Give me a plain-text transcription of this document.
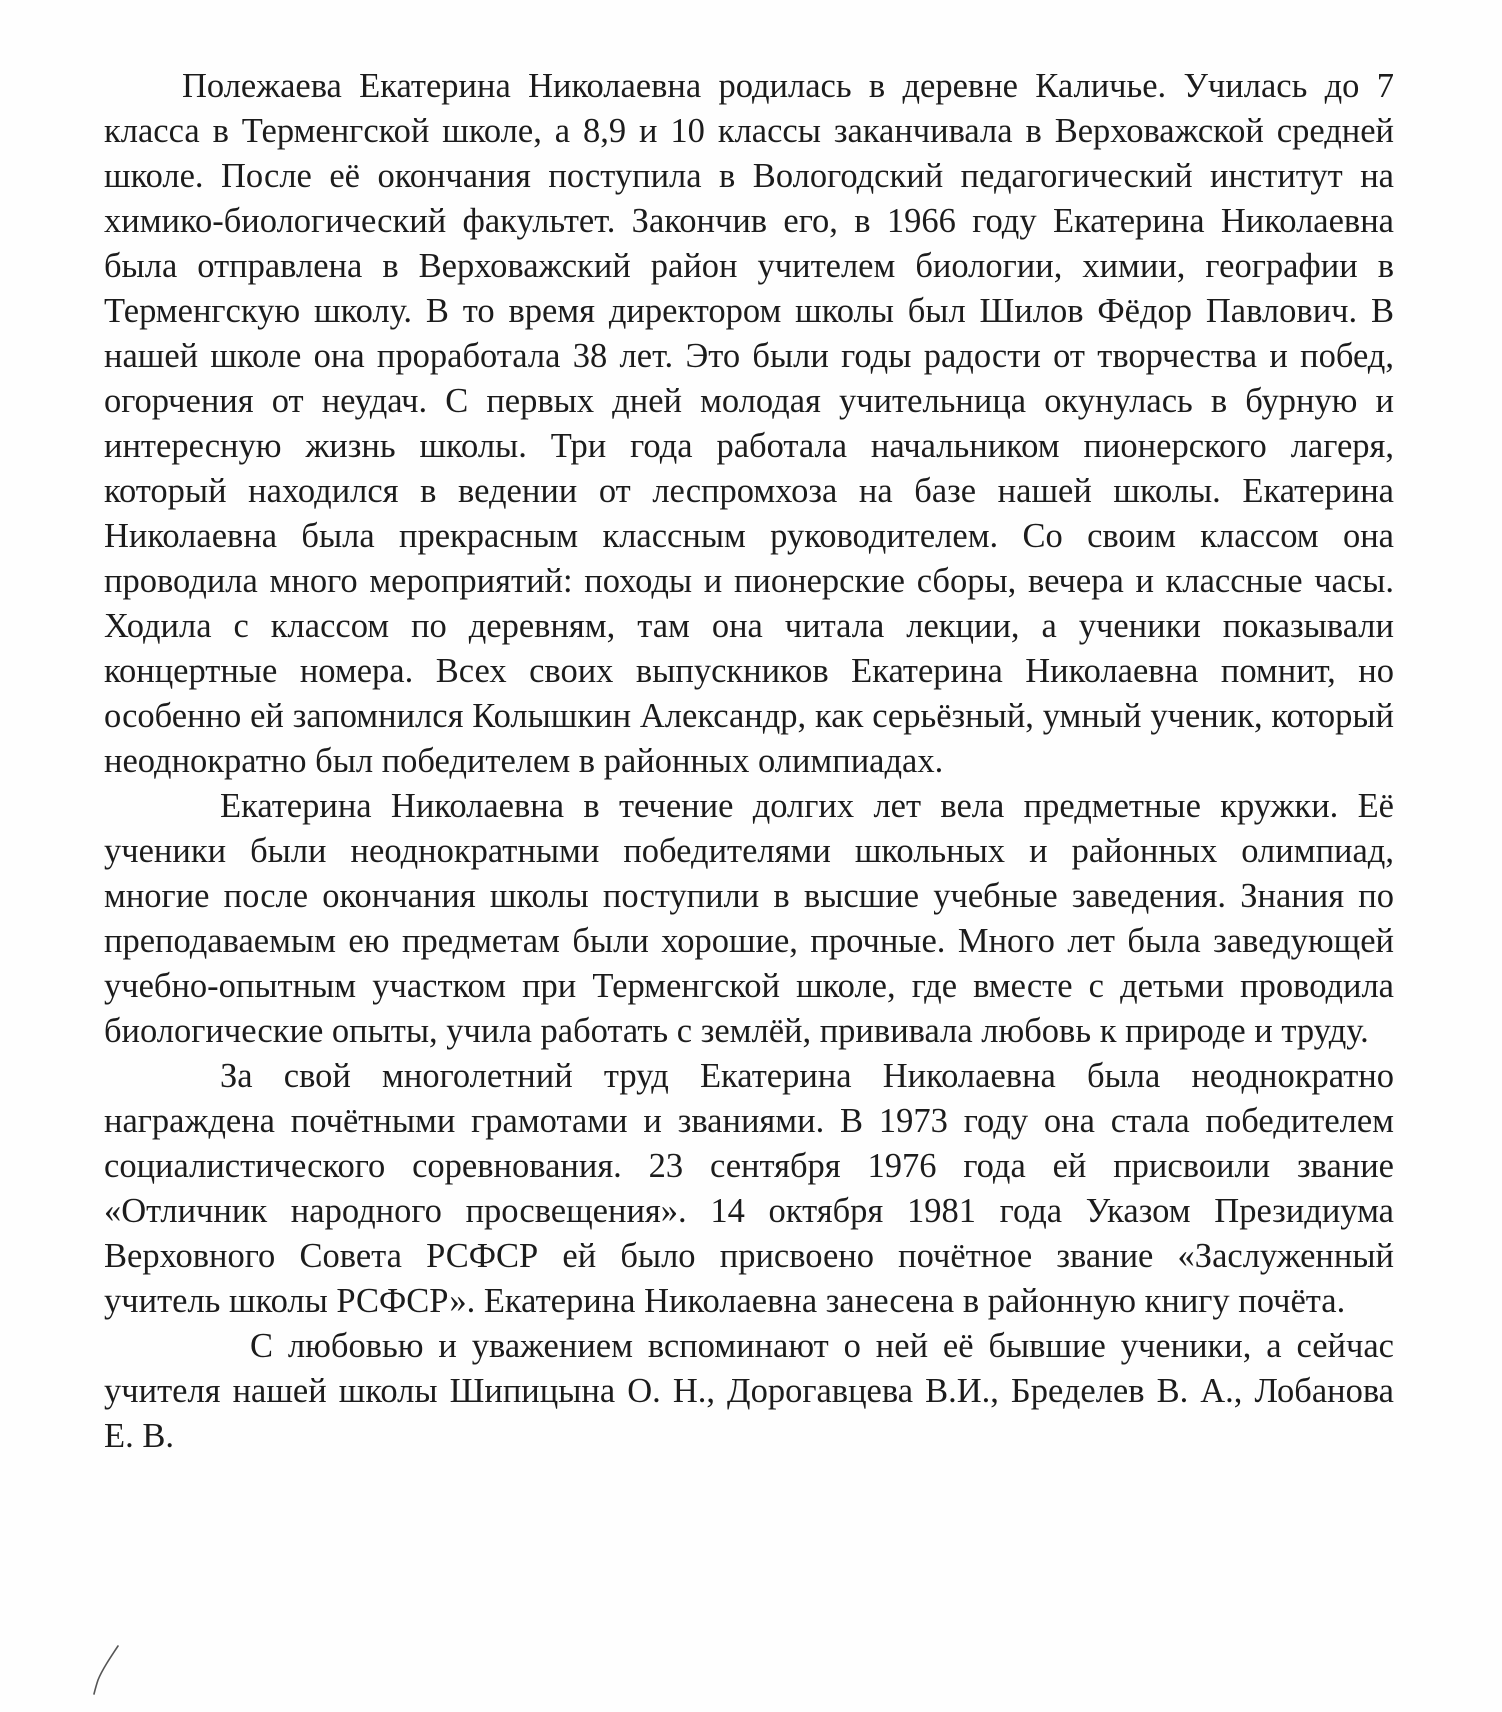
Полежаева Екатерина Николаевна родилась в деревне Каличье. Училась до 7 класса в Терменгской школе, а 8,9 и 10 классы заканчивала в Верховажской средней школе. После её окончания поступила в Вологодский педагогический институт на химико-биологический факультет. Закончив его, в 1966 году Екатерина Николаевна была отправлена в Верховажский район учителем биологии, химии, географии в Терменгскую школу. В то время директором школы был Шилов Фёдор Павлович. В нашей школе она проработала 38 лет. Это были годы радости от творчества и побед, огорчения от неудач. С первых дней молодая учительница окунулась в бурную и интересную жизнь школы. Три года работала начальником пионерского лагеря, который находился в ведении от леспромхоза на базе нашей школы. Екатерина Николаевна была прекрасным классным руководителем. Со своим классом она проводила много мероприятий: походы и пионерские сборы, вечера и классные часы. Ходила с классом по деревням, там она читала лекции, а ученики показывали концертные номера. Всех своих выпускников Екатерина Николаевна помнит, но особенно ей запомнился Колышкин Александр, как серьёзный, умный ученик, который неоднократно был победителем в районных олимпиадах.

Екатерина Николаевна в течение долгих лет вела предметные кружки. Её ученики были неоднократными победителями школьных и районных олимпиад, многие после окончания школы поступили в высшие учебные заведения. Знания по преподаваемым ею предметам были хорошие, прочные. Много лет была заведующей учебно-опытным участком при Терменгской школе, где вместе с детьми проводила биологические опыты, учила работать с землёй, прививала любовь к природе и труду.

За свой многолетний труд Екатерина Николаевна была неоднократно награждена почётными грамотами и званиями. В 1973 году она стала победителем социалистического соревнования. 23 сентября 1976 года ей присвоили звание «Отличник народного просвещения». 14 октября 1981 года Указом Президиума Верховного Совета РСФСР ей было присвоено почётное звание «Заслуженный учитель школы РСФСР». Екатерина Николаевна занесена в районную книгу почёта.

С любовью и уважением вспоминают о ней её бывшие ученики, а сейчас учителя нашей школы Шипицына О. Н., Дорогавцева В.И., Бределев В. А., Лобанова Е. В.
